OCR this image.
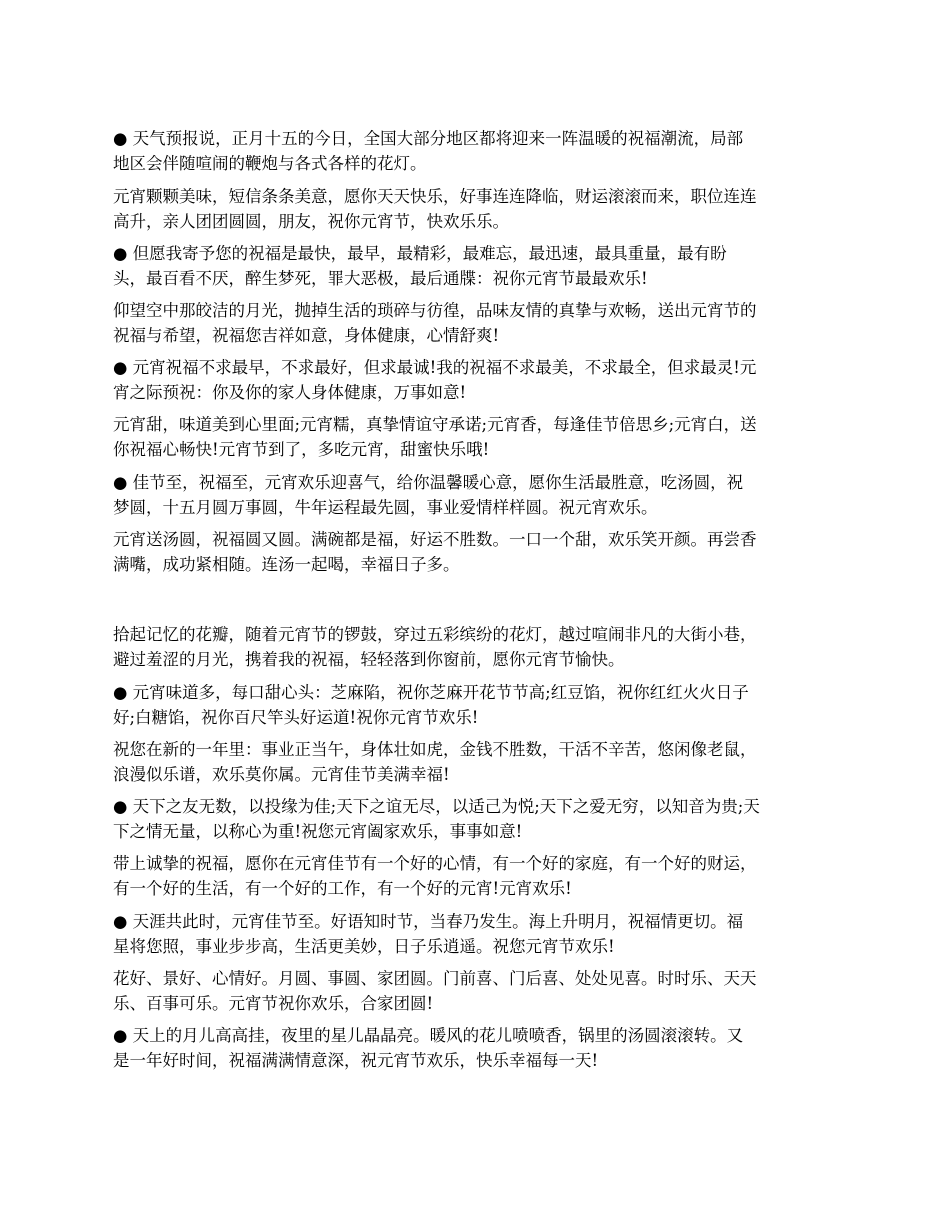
● 天气预报说，正月十五的今日，全国大部分地区都将迎来一阵温暖的祝福潮流，局部
地区会伴随喧闹的鞭炮与各式各样的花灯。

元宵颗颗美味，短信条条美意，愿你天天快乐，好事连连降临，财运滚滚而来，职位连连
高升，亲人团团圆圆，朋友，祝你元宵节，快欢乐乐。

● 但愿我寄予您的祝福是最快，最早，最精彩，最难忘，最迅速，最具重量，最有盼
头，最百看不厌，醉生梦死，罪大恶极，最后通牒：祝你元宵节最最欢乐!

仰望空中那皎洁的月光，抛掉生活的琐碎与彷徨，品味友情的真挚与欢畅，送出元宵节的
祝福与希望，祝福您吉祥如意，身体健康，心情舒爽!

● 元宵祝福不求最早，不求最好，但求最诚!我的祝福不求最美，不求最全，但求最灵!元
宵之际预祝：你及你的家人身体健康，万事如意!

元宵甜，味道美到心里面;元宵糯，真挚情谊守承诺;元宵香，每逢佳节倍思乡;元宵白，送
你祝福心畅快!元宵节到了，多吃元宵，甜蜜快乐哦!

● 佳节至，祝福至，元宵欢乐迎喜气，给你温馨暖心意，愿你生活最胜意，吃汤圆，祝
梦圆，十五月圆万事圆，牛年运程最先圆，事业爱情样样圆。祝元宵欢乐。

元宵送汤圆，祝福圆又圆。满碗都是福，好运不胜数。一口一个甜，欢乐笑开颜。再尝香
满嘴，成功紧相随。连汤一起喝，幸福日子多。

拾起记忆的花瓣，随着元宵节的锣鼓，穿过五彩缤纷的花灯，越过喧闹非凡的大街小巷，
避过羞涩的月光，携着我的祝福，轻轻落到你窗前，愿你元宵节愉快。

● 元宵味道多，每口甜心头：芝麻陷，祝你芝麻开花节节高;红豆馅，祝你红红火火日子
好;白糖馅，祝你百尺竿头好运道!祝你元宵节欢乐!

祝您在新的一年里：事业正当午，身体壮如虎，金钱不胜数，干活不辛苦，悠闲像老鼠，
浪漫似乐谱，欢乐莫你属。元宵佳节美满幸福!

● 天下之友无数，以投缘为佳;天下之谊无尽，以适己为悦;天下之爱无穷，以知音为贵;天
下之情无量，以称心为重!祝您元宵阖家欢乐，事事如意!

带上诚挚的祝福，愿你在元宵佳节有一个好的心情，有一个好的家庭，有一个好的财运，
有一个好的生活，有一个好的工作，有一个好的元宵!元宵欢乐!

● 天涯共此时，元宵佳节至。好语知时节，当春乃发生。海上升明月，祝福情更切。福
星将您照，事业步步高，生活更美妙，日子乐逍遥。祝您元宵节欢乐!

花好、景好、心情好。月圆、事圆、家团圆。门前喜、门后喜、处处见喜。时时乐、天天
乐、百事可乐。元宵节祝你欢乐，合家团圆!

● 天上的月儿高高挂，夜里的星儿晶晶亮。暖风的花儿喷喷香，锅里的汤圆滚滚转。又
是一年好时间，祝福满满情意深，祝元宵节欢乐，快乐幸福每一天!
